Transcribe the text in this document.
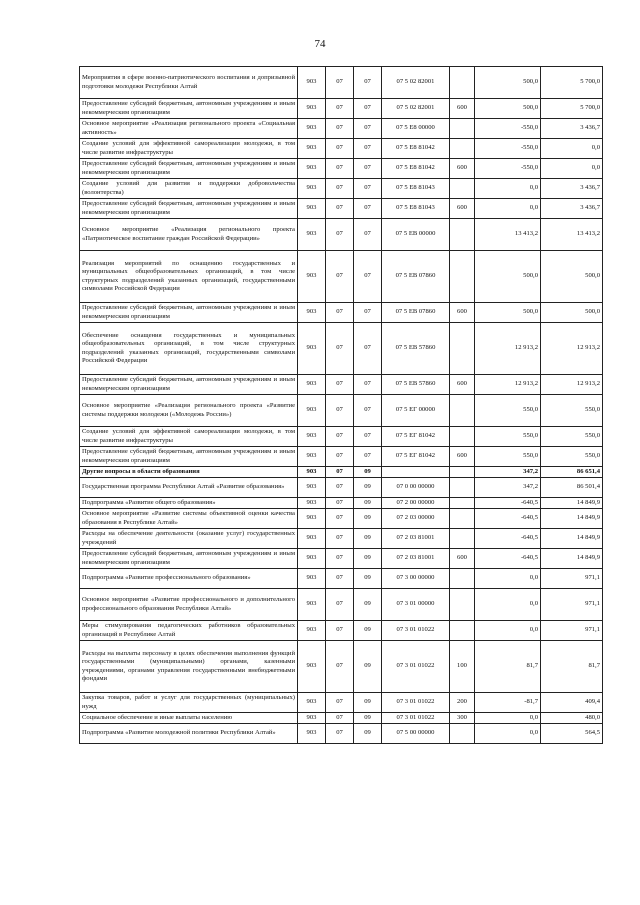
74
Мероприятия в сфере военно-патриотического воспитания и допризывной подготовки молодежи Республики Алтай	903	07	07	07 5 02 82001		500,0	5 700,0
Предоставление субсидий бюджетным, автономным учреждениям и иным некоммерческим организациям	903	07	07	07 5 02 82001	600	500,0	5 700,0
Основное мероприятие «Реализация регионального проекта «Социальная активность»	903	07	07	07 5 E8 00000		-550,0	3 436,7
Создание условий для эффективной самореализации молодежи, в том числе развитие инфраструктуры	903	07	07	07 5 E8 81042		-550,0	0,0
Предоставление субсидий бюджетным, автономным учреждениям и иным некоммерческим организациям	903	07	07	07 5 E8 81042	600	-550,0	0,0
Создание условий для развития и поддержки добровольчества (волонтерства)	903	07	07	07 5 E8 81043		0,0	3 436,7
Предоставление субсидий бюджетным, автономным учреждениям и иным некоммерческим организациям	903	07	07	07 5 E8 81043	600	0,0	3 436,7
Основное мероприятие «Реализация регионального проекта «Патриотическое воспитание граждан Российской Федерации»	903	07	07	07 5 EB 00000		13 413,2	13 413,2
Реализация мероприятий по оснащению государственных и муниципальных общеобразовательных организаций, в том числе структурных подразделений указанных организаций, государственными символами Российской Федерации	903	07	07	07 5 EB 07860		500,0	500,0
Предоставление субсидий бюджетным, автономным учреждениям и иным некоммерческим организациям	903	07	07	07 5 EB 07860	600	500,0	500,0
Обеспечение оснащения государственных и муниципальных общеобразовательных организаций, в том числе структурных подразделений указанных организаций, государственными символами Российской Федерации	903	07	07	07 5 EB 57860		12 913,2	12 913,2
Предоставление субсидий бюджетным, автономным учреждениям и иным некоммерческим организациям	903	07	07	07 5 EB 57860	600	12 913,2	12 913,2
Основное мероприятие «Реализация регионального проекта «Развитие системы поддержки молодежи («Молодежь России»)	903	07	07	07 5 EГ 00000		550,0	550,0
Создание условий для эффективной самореализации молодежи, в том числе развитие инфраструктуры	903	07	07	07 5 EГ 81042		550,0	550,0
Предоставление субсидий бюджетным, автономным учреждениям и иным некоммерческим организациям	903	07	07	07 5 EГ 81042	600	550,0	550,0
Другие вопросы в области образования	903	07	09			347,2	86 651,4
Государственная программа Республики Алтай «Развитие образования»	903	07	09	07 0 00 00000		347,2	86 501,4
Подпрограмма «Развитие общего образования»	903	07	09	07 2 00 00000		-640,5	14 849,9
Основное мероприятие «Развитие системы объективной оценки качества образования в Республике Алтай»	903	07	09	07 2 03 00000		-640,5	14 849,9
Расходы на обеспечение деятельности (оказание услуг) государственных учреждений	903	07	09	07 2 03 81001		-640,5	14 849,9
Предоставление субсидий бюджетным, автономным учреждениям и иным некоммерческим организациям	903	07	09	07 2 03 81001	600	-640,5	14 849,9
Подпрограмма «Развитие профессионального образования»	903	07	09	07 3 00 00000		0,0	971,1
Основное мероприятие «Развитие профессионального и дополнительного профессионального образования Республики Алтай»	903	07	09	07 3 01 00000		0,0	971,1
Меры стимулирования педагогических работников образовательных организаций в Республике Алтай	903	07	09	07 3 01 01022		0,0	971,1
Расходы на выплаты персоналу в целях обеспечения выполнения функций государственными (муниципальными) органами, казенными учреждениями, органами управления государственными внебюджетными фондами	903	07	09	07 3 01 01022	100	81,7	81,7
Закупка товаров, работ и услуг для государственных (муниципальных) нужд	903	07	09	07 3 01 01022	200	-81,7	409,4
Социальное обеспечение и иные выплаты населению	903	07	09	07 3 01 01022	300	0,0	480,0
Подпрограмма «Развитие молодежной политики Республики Алтай»	903	07	09	07 5 00 00000		0,0	564,5
